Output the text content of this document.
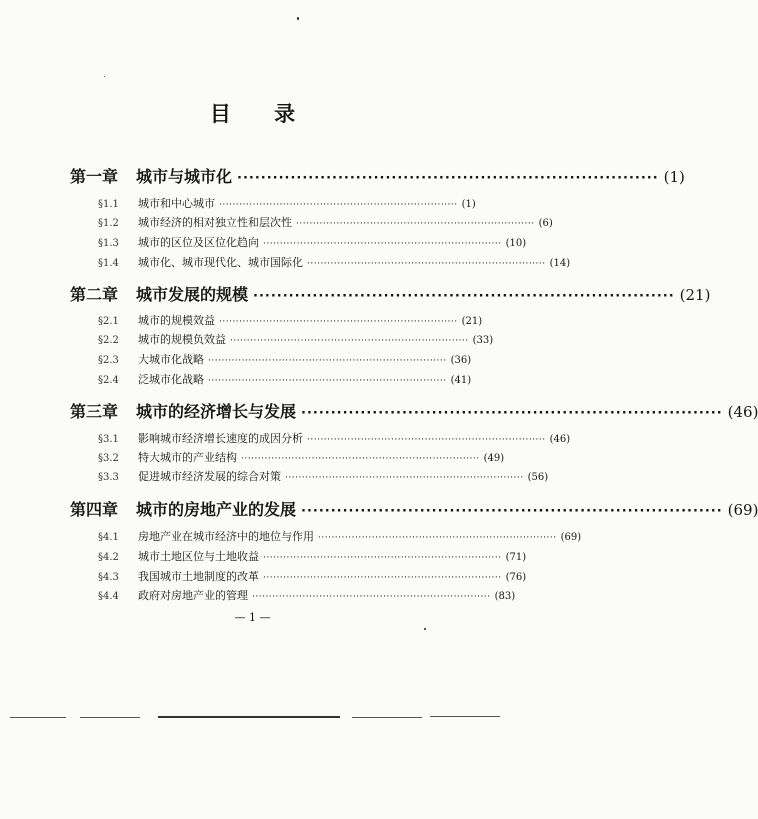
目 录
第一章	城市与城市化 ······································································· (1)
§1.1	城市和中心城市 ······································································· (1)
§1.2	城市经济的相对独立性和层次性 ······································································· (6)
§1.3	城市的区位及区位化趋向 ······································································· (10)
§1.4	城市化、城市现代化、城市国际化 ······································································· (14)
第二章	城市发展的规模 ······································································· (21)
§2.1	城市的规模效益 ······································································· (21)
§2.2	城市的规模负效益 ······································································· (33)
§2.3	大城市化战略 ······································································· (36)
§2.4	泛城市化战略 ······································································· (41)
第三章	城市的经济增长与发展 ······································································· (46)
§3.1	影响城市经济增长速度的成因分析 ······································································· (46)
§3.2	特大城市的产业结构 ······································································· (49)
§3.3	促进城市经济发展的综合对策 ······································································· (56)
第四章	城市的房地产业的发展 ······································································· (69)
§4.1	房地产业在城市经济中的地位与作用 ······································································· (69)
§4.2	城市土地区位与土地收益 ······································································· (71)
§4.3	我国城市土地制度的改革 ······································································· (76)
§4.4	政府对房地产业的管理 ······································································· (83)
— 1 —
